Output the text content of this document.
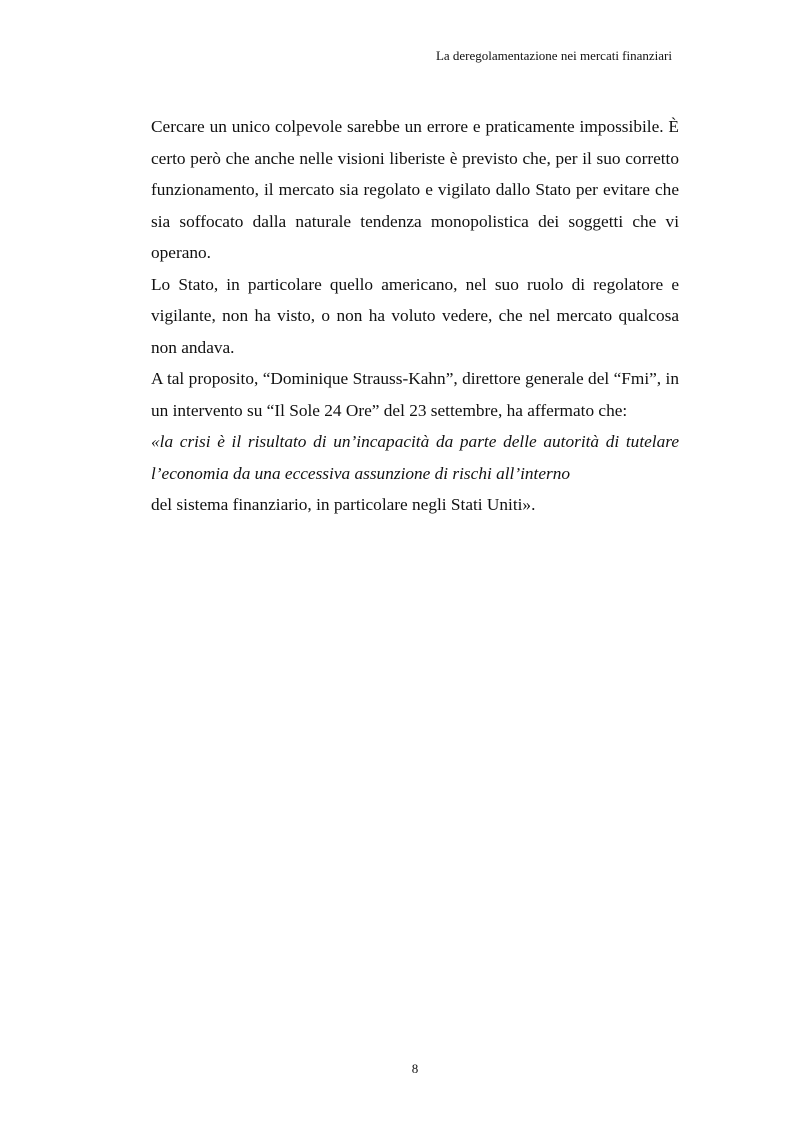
La deregolamentazione nei mercati finanziari

Cercare un unico colpevole sarebbe un errore e praticamente impossibile. È certo però che anche nelle visioni liberiste è previsto che, per il suo corretto funzionamento, il mercato sia regolato e vigilato dallo Stato per evitare che sia soffocato dalla naturale tendenza monopolistica dei soggetti che vi operano.

Lo Stato, in particolare quello americano, nel suo ruolo di regolatore e vigilante, non ha visto, o non ha voluto vedere, che nel mercato qualcosa non andava.

A tal proposito, “Dominique Strauss-Kahn”, direttore generale del “Fmi”, in un intervento su “Il Sole 24 Ore” del 23 settembre, ha affermato che:

«la crisi è il risultato di un’incapacità da parte delle autorità di tutelare l’economia da una eccessiva assunzione di rischi all’interno

del sistema finanziario, in particolare negli Stati Uniti».

8
